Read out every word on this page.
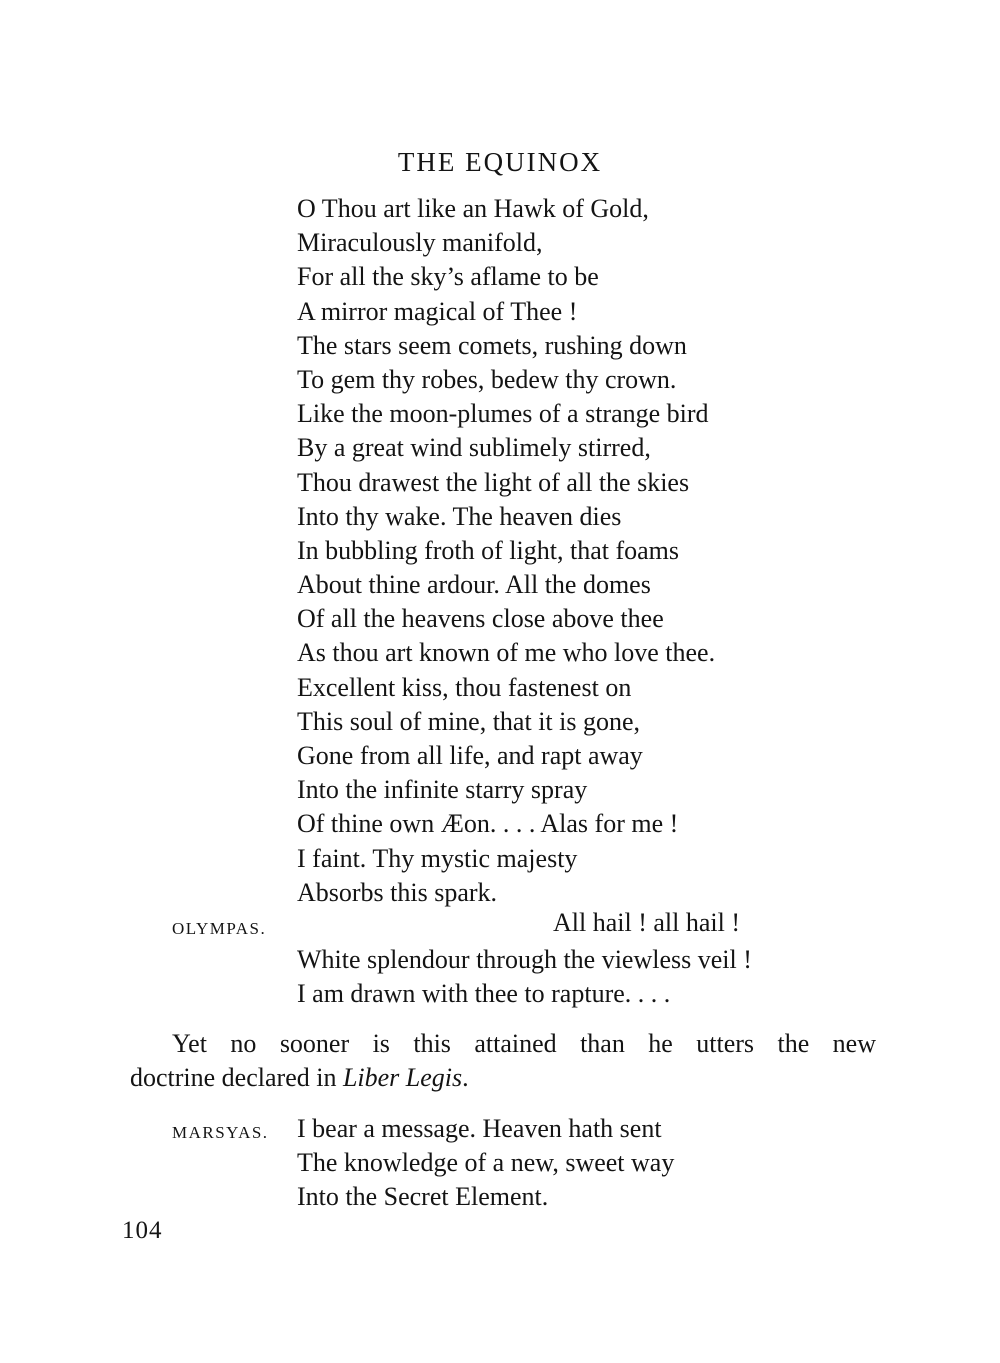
THE EQUINOX
O Thou art like an Hawk of Gold,
Miraculously manifold,
For all the sky’s aflame to be
A mirror magical of Thee !
The stars seem comets, rushing down
To gem thy robes, bedew thy crown.
Like the moon-plumes of a strange bird
By a great wind sublimely stirred,
Thou drawest the light of all the skies
Into thy wake. The heaven dies
In bubbling froth of light, that foams
About thine ardour. All the domes
Of all the heavens close above thee
As thou art known of me who love thee.
Excellent kiss, thou fastenest on
This soul of mine, that it is gone,
Gone from all life, and rapt away
Into the infinite starry spray
Of thine own Æon. . . . Alas for me !
I faint. Thy mystic majesty
Absorbs this spark.
OLYMPAS.	All hail ! all hail !
White splendour through the viewless veil !
I am drawn with thee to rapture. . . .
Yet no sooner is this attained than he utters the new
doctrine declared in Liber Legis.
MARSYAS. I bear a message. Heaven hath sent
The knowledge of a new, sweet way
Into the Secret Element.
104
